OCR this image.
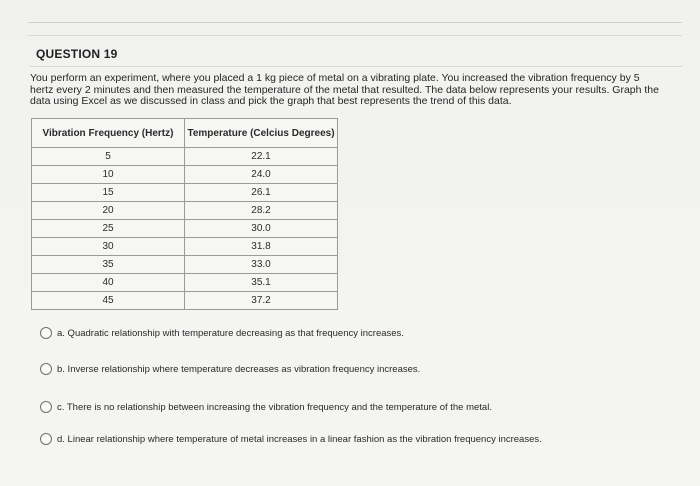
QUESTION 19
You perform an experiment, where you placed a 1 kg piece of metal on a vibrating plate. You increased the vibration frequency by 5 hertz every 2 minutes and then measured the temperature of the metal that resulted. The data below represents your results. Graph the data using Excel as we discussed in class and pick the graph that best represents the trend of this data.
Vibration Frequency (Hertz)	Temperature (Celcius Degrees)
5	22.1
10	24.0
15	26.1
20	28.2
25	30.0
30	31.8
35	33.0
40	35.1
45	37.2
a. Quadratic relationship with temperature decreasing as that frequency increases.
b. Inverse relationship where temperature decreases as vibration frequency increases.
c. There is no relationship between increasing the vibration frequency and the temperature of the metal.
d. Linear relationship where temperature of metal increases in a linear fashion as the vibration frequency increases.
